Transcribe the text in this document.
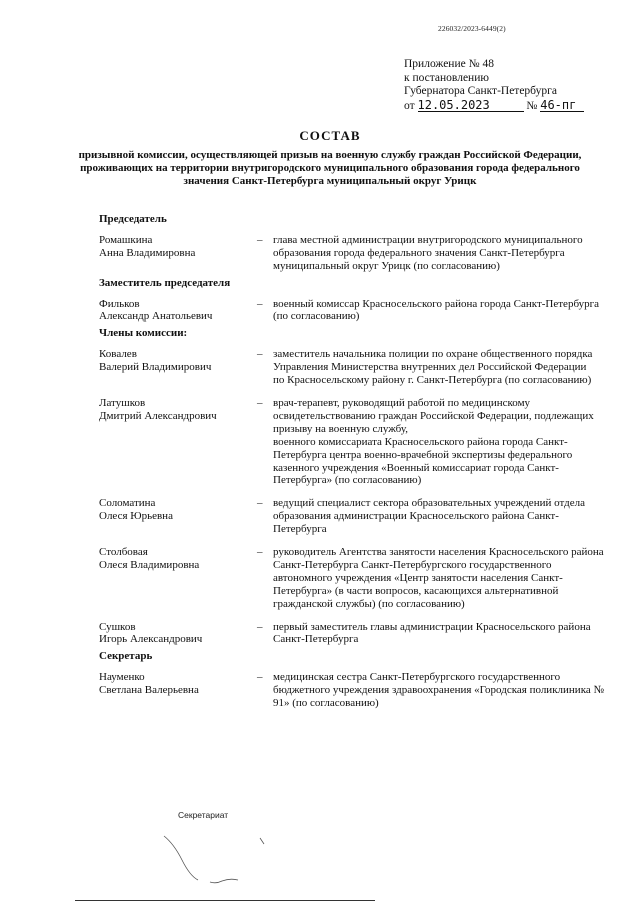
226032/2023-6449(2)
Приложение № 48
к постановлению
Губернатора Санкт-Петербурга
от 12.05.2023	№ 46-пг
СОСТАВ
призывной комиссии, осуществляющей призыв на военную службу граждан Российской Федерации, проживающих на территории внутригородского муниципального образования города федерального значения Санкт-Петербурга муниципальный округ Урицк
Председатель
Ромашкина
Анна Владимировна
– глава местной администрации внутригородского муниципального образования города федерального значения Санкт-Петербурга муниципальный округ Урицк (по согласованию)
Заместитель председателя
Фильков
Александр Анатольевич
– военный комиссар Красносельского района города Санкт-Петербурга (по согласованию)
Члены комиссии:
Ковалев
Валерий Владимирович
– заместитель начальника полиции по охране общественного порядка Управления Министерства внутренних дел Российской Федерации
по Красносельскому району г. Санкт-Петербурга (по согласованию)
Латушков
Дмитрий Александрович
– врач-терапевт, руководящий работой по медицинскому освидетельствованию граждан Российской Федерации, подлежащих призыву на военную службу,
военного комиссариата Красносельского района города Санкт-Петербурга центра военно-врачебной экспертизы федерального казенного учреждения «Военный комиссариат города Санкт-Петербурга» (по согласованию)
Соломатина
Олеся Юрьевна
– ведущий специалист сектора образовательных учреждений отдела образования администрации Красносельского района Санкт-Петербурга
Столбовая
Олеся Владимировна
– руководитель Агентства занятости населения Красносельского района Санкт-Петербурга Санкт-Петербургского государственного автономного учреждения «Центр занятости населения Санкт-Петербурга» (в части вопросов, касающихся альтернативной гражданской службы) (по согласованию)
Сушков
Игорь Александрович
– первый заместитель главы администрации Красносельского района Санкт-Петербурга
Секретарь
Науменко
Светлана Валерьевна
– медицинская сестра Санкт-Петербургского государственного бюджетного учреждения здравоохранения «Городская поликлиника № 91» (по согласованию)
Секретариат
